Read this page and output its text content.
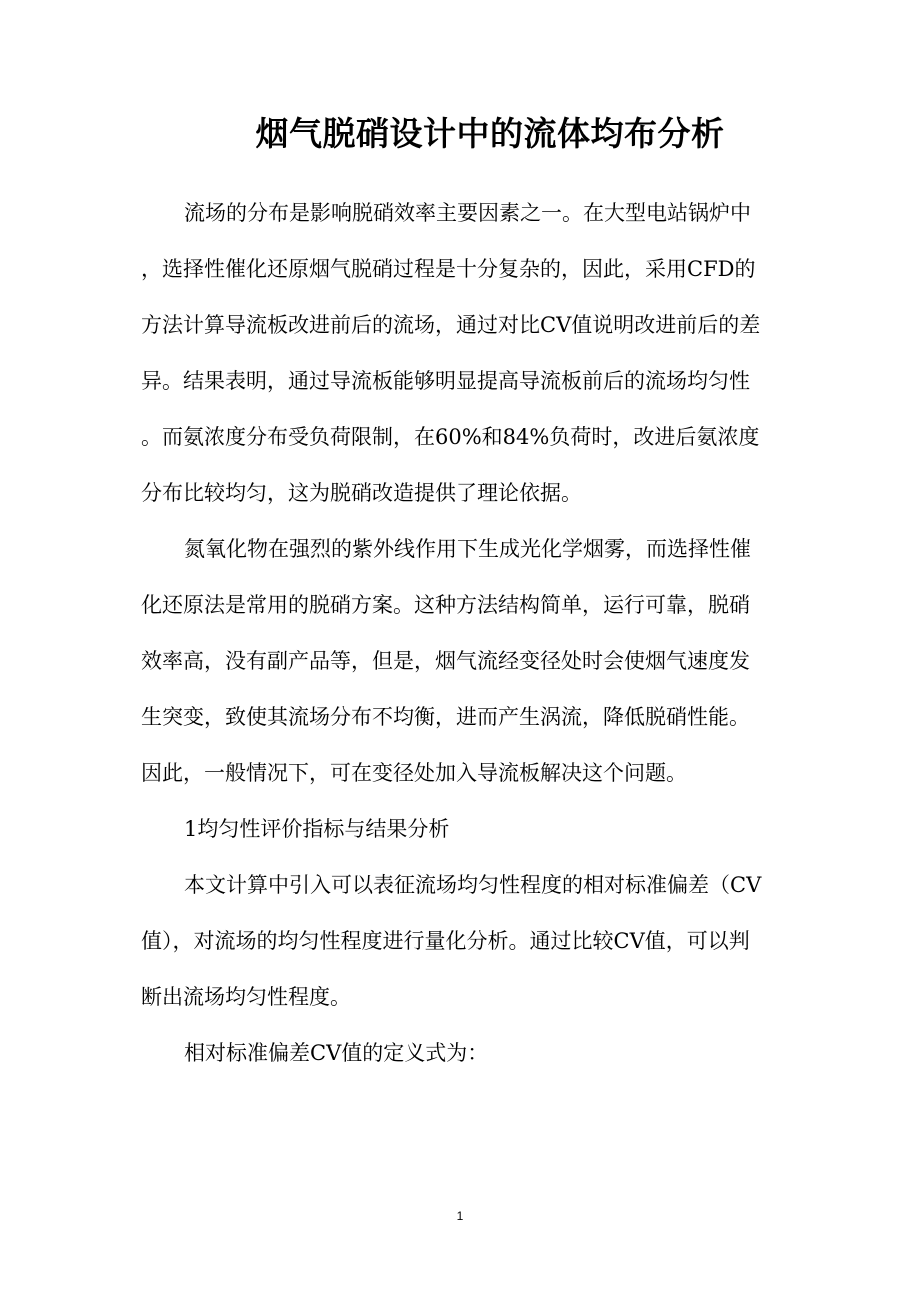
烟气脱硝设计中的流体均布分析
流场的分布是影响脱硝效率主要因素之一。在大型电站锅炉中
，选择性催化还原烟气脱硝过程是十分复杂的，因此，采用CFD的
方法计算导流板改进前后的流场，通过对比CV值说明改进前后的差
异。结果表明，通过导流板能够明显提高导流板前后的流场均匀性
。而氨浓度分布受负荷限制，在60%和84%负荷时，改进后氨浓度
分布比较均匀，这为脱硝改造提供了理论依据。
氮氧化物在强烈的紫外线作用下生成光化学烟雾，而选择性催
化还原法是常用的脱硝方案。这种方法结构简单，运行可靠，脱硝
效率高，没有副产品等，但是，烟气流经变径处时会使烟气速度发
生突变，致使其流场分布不均衡，进而产生涡流，降低脱硝性能。
因此，一般情况下，可在变径处加入导流板解决这个问题。
1均匀性评价指标与结果分析
本文计算中引入可以表征流场均匀性程度的相对标准偏差（CV
值），对流场的均匀性程度进行量化分析。通过比较CV值，可以判
断出流场均匀性程度。
相对标准偏差CV值的定义式为：
1
